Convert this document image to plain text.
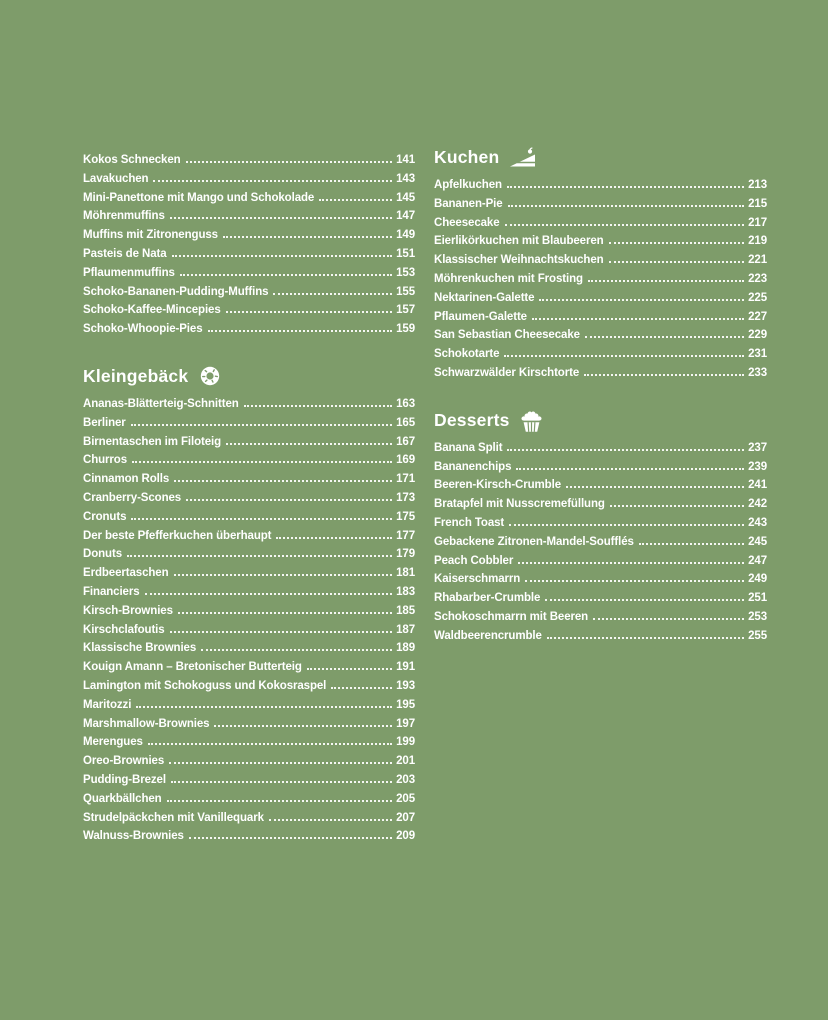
Kokos Schnecken	141
Lavakuchen	143
Mini-Panettone mit Mango und Schokolade	145
Möhrenmuffins	147
Muffins mit Zitronenguss	149
Pasteis de Nata	151
Pflaumenmuffins	153
Schoko-Bananen-Pudding-Muffins	155
Schoko-Kaffee-Mincepies	157
Schoko-Whoopie-Pies	159
Kleingebäck
Ananas-Blätterteig-Schnitten	163
Berliner	165
Birnentaschen im Filoteig	167
Churros	169
Cinnamon Rolls	171
Cranberry-Scones	173
Cronuts	175
Der beste Pfefferkuchen überhaupt	177
Donuts	179
Erdbeertaschen	181
Financiers	183
Kirsch-Brownies	185
Kirschclafoutis	187
Klassische Brownies	189
Kouign Amann – Bretonischer Butterteig	191
Lamington mit Schokoguss und Kokosraspel	193
Maritozzi	195
Marshmallow-Brownies	197
Merengues	199
Oreo-Brownies	201
Pudding-Brezel	203
Quarkbällchen	205
Strudelpäckchen mit Vanillequark	207
Walnuss-Brownies	209
Kuchen
Apfelkuchen	213
Bananen-Pie	215
Cheesecake	217
Eierlikörkuchen mit Blaubeeren	219
Klassischer Weihnachtskuchen	221
Möhrenkuchen mit Frosting	223
Nektarinen-Galette	225
Pflaumen-Galette	227
San Sebastian Cheesecake	229
Schokotarte	231
Schwarzwälder Kirschtorte	233
Desserts
Banana Split	237
Bananenchips	239
Beeren-Kirsch-Crumble	241
Bratapfel mit Nusscremefüllung	242
French Toast	243
Gebackene Zitronen-Mandel-Soufflés	245
Peach Cobbler	247
Kaiserschmarrn	249
Rhabarber-Crumble	251
Schokoschmarrn mit Beeren	253
Waldbeerencrumble	255
